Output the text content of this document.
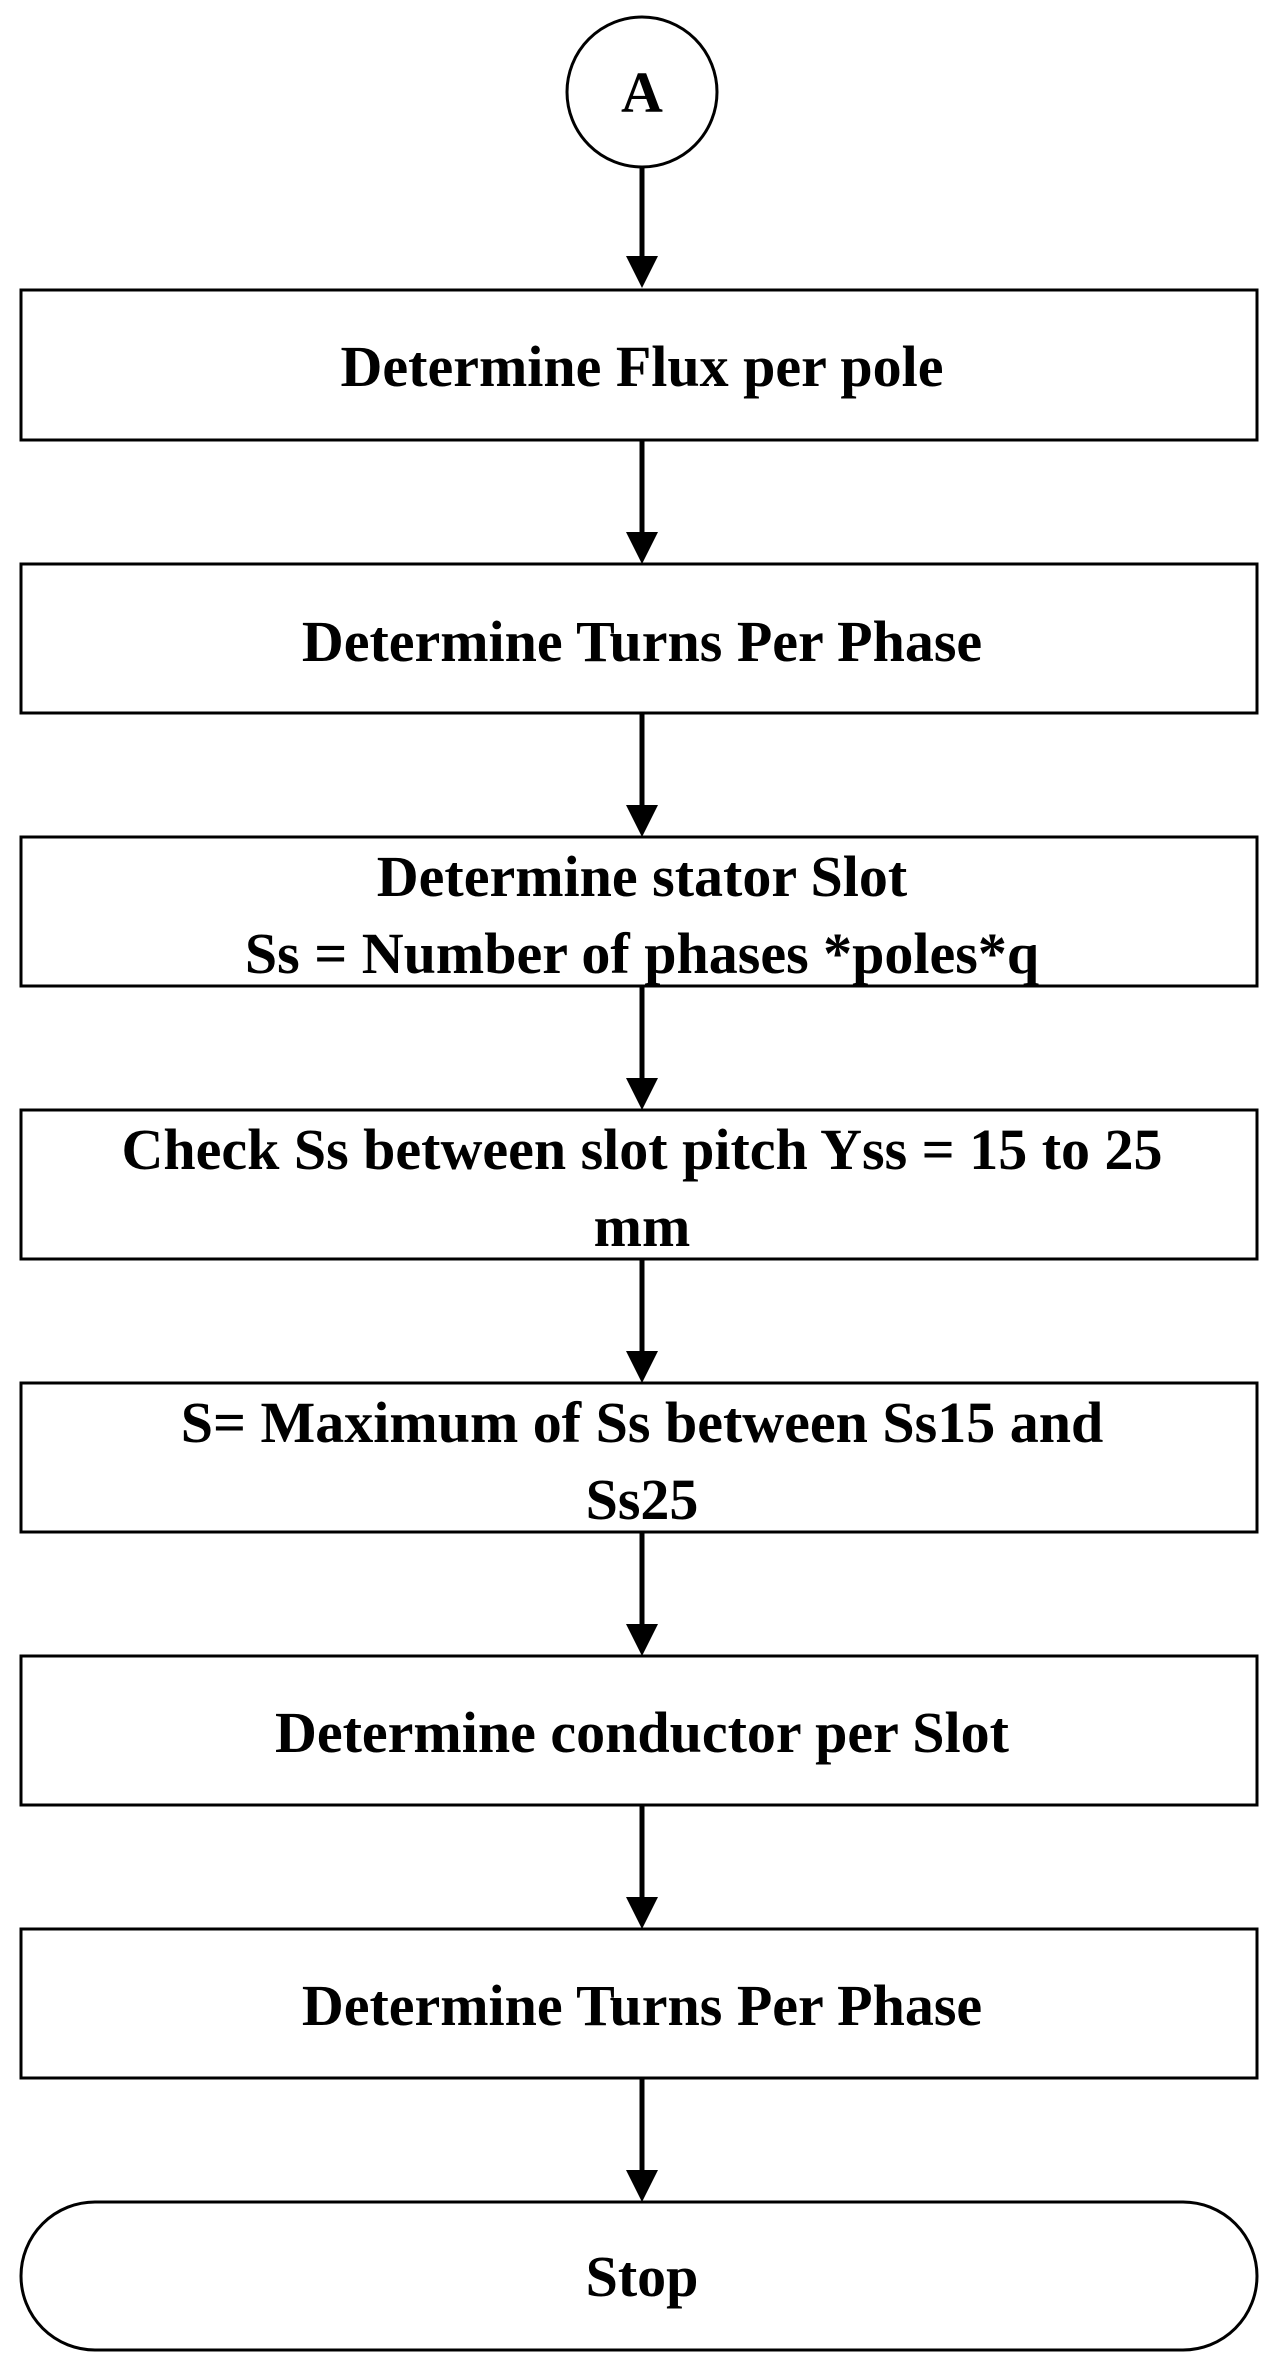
A
Determine Flux per pole
Determine Turns Per Phase
Determine stator Slot
Ss = Number of phases *poles*q
Check Ss between slot pitch Yss = 15 to 25
mm
S= Maximum of Ss between Ss15 and
Ss25
Determine conductor per Slot
Determine Turns Per Phase
Stop
